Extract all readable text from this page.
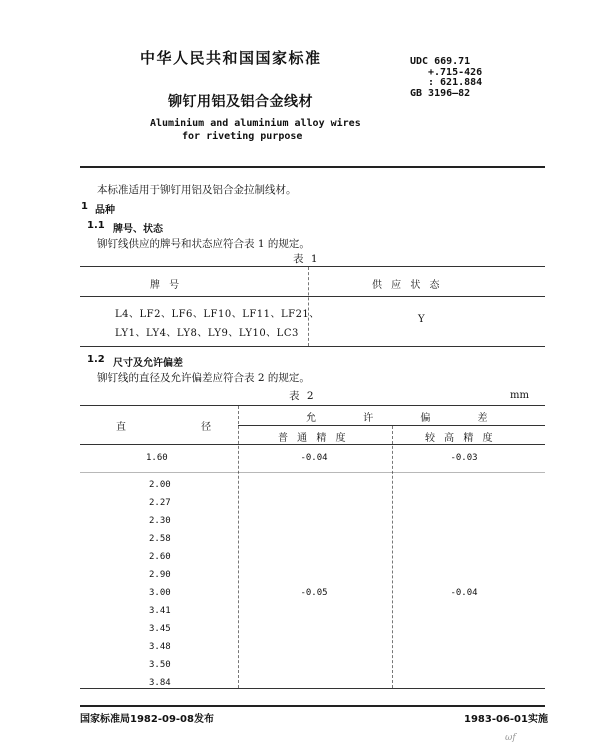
中华人民共和国国家标准	UDC 669.71
+.715-426
: 621.884
GB 3196—82
铆钉用铝及铝合金线材
Aluminium and aluminium alloy wires
for riveting purpose
本标准适用于铆钉用铝及铝合金拉制线材。
1 品种
1.1 牌号、状态
铆钉线供应的牌号和状态应符合表 1 的规定。
表 1
牌 号	供 应 状 态
L4、LF2、LF6、LF10、LF11、LF21、
LY1、LY4、LY8、LY9、LY10、LC3
Y
1.2 尺寸及允许偏差
铆钉线的直径及允许偏差应符合表 2 的规定。
表 2	mm
直 径
允 许 偏 差
普 通 精 度	较 高 精 度
1.60	-0.04	-0.03
2.00
2.27
2.30
2.58
2.60
2.90
3.00
3.41
3.45
3.48
3.50
3.84
-0.05	-0.04
国家标准局1982-09-08发布	1983-06-01实施
ωf
